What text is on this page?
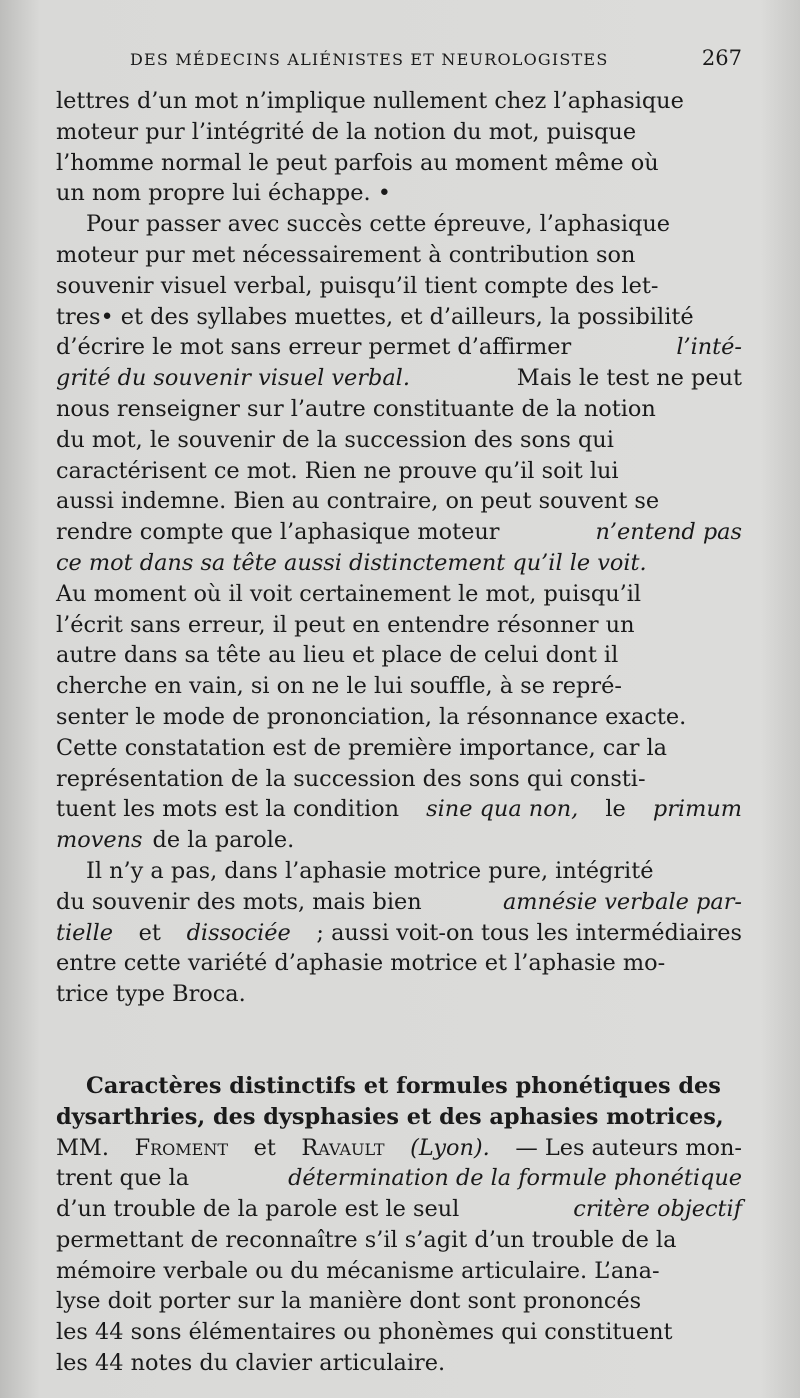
DES MÉDECINS ALIÉNISTES ET NEUROLOGISTES	267
lettres d’un mot n’implique nullement chez l’aphasique
moteur pur l’intégrité de la notion du mot, puisque
l’homme normal le peut parfois au moment même où
un nom propre lui échappe. •
Pour passer avec succès cette épreuve, l’aphasique
moteur pur met nécessairement à contribution son
souvenir visuel verbal, puisqu’il tient compte des let-
tres• et des syllabes muettes, et d’ailleurs, la possibilité
d’écrire le mot sans erreur permet d’affirmer	l’inté-
grité du souvenir visuel verbal.	Mais le test ne peut
nous renseigner sur l’autre constituante de la notion
du mot, le souvenir de la succession des sons qui
caractérisent ce mot. Rien ne prouve qu’il soit lui
aussi indemne. Bien au contraire, on peut souvent se
rendre compte que l’aphasique moteur	n’entend pas
ce mot dans sa tête aussi distinctement qu’il le voit.
Au moment où il voit certainement le mot, puisqu’il
l’écrit sans erreur, il peut en entendre résonner un
autre dans sa tête au lieu et place de celui dont il
cherche en vain, si on ne le lui souffle, à se repré-
senter le mode de prononciation, la résonnance exacte.
Cette constatation est de première importance, car la
représentation de la succession des sons qui consti-
tuent les mots est la condition sine qua non, le primum
movens de la parole.
Il n’y a pas, dans l’aphasie motrice pure, intégrité
du souvenir des mots, mais bien	amnésie verbale par-
tielle et dissociée ; aussi voit-on tous les intermédiaires
entre cette variété d’aphasie motrice et l’aphasie mo-
trice type Broca.
Caractères distinctifs et formules phonétiques des
dysarthries, des dysphasies et des aphasies motrices,
MM. Froment et Ravault (Lyon). — Les auteurs mon-
trent que la	détermination de la formule phonétique
d’un trouble de la parole est le seul	critère objectif
permettant de reconnaître s’il s’agit d’un trouble de la
mémoire verbale ou du mécanisme articulaire. L’ana-
lyse doit porter sur la manière dont sont prononcés
les 44 sons élémentaires ou phonèmes qui constituent
les 44 notes du clavier articulaire.
